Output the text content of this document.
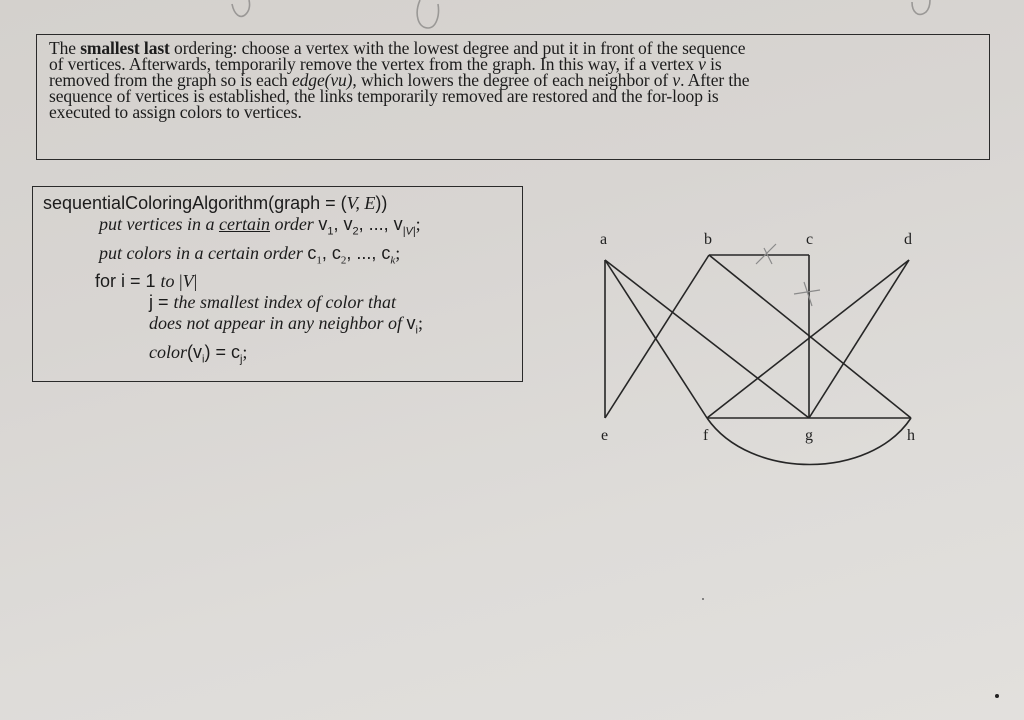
The smallest last ordering: choose a vertex with the lowest degree and put it in front of the sequence
of vertices. Afterwards, temporarily remove the vertex from the graph. In this way, if a vertex v is
removed from the graph so is each edge(vu), which lowers the degree of each neighbor of v. After the
sequence of vertices is established, the links temporarily removed are restored and the for-loop is
executed to assign colors to vertices.
sequentialColoringAlgorithm(graph = (V, E))
put vertices in a certain order $v_1$, $v_2$, ..., $v_{|V|}$;
put colors in a certain order $c_1$, $c_2$, ..., $c_k$;
for i = 1 to |V|
j = the smallest index of color that
does not appear in any neighbor of $v_i$;
$color(v_i) = c_j$;
a	b	c	d
e	f	g	h
